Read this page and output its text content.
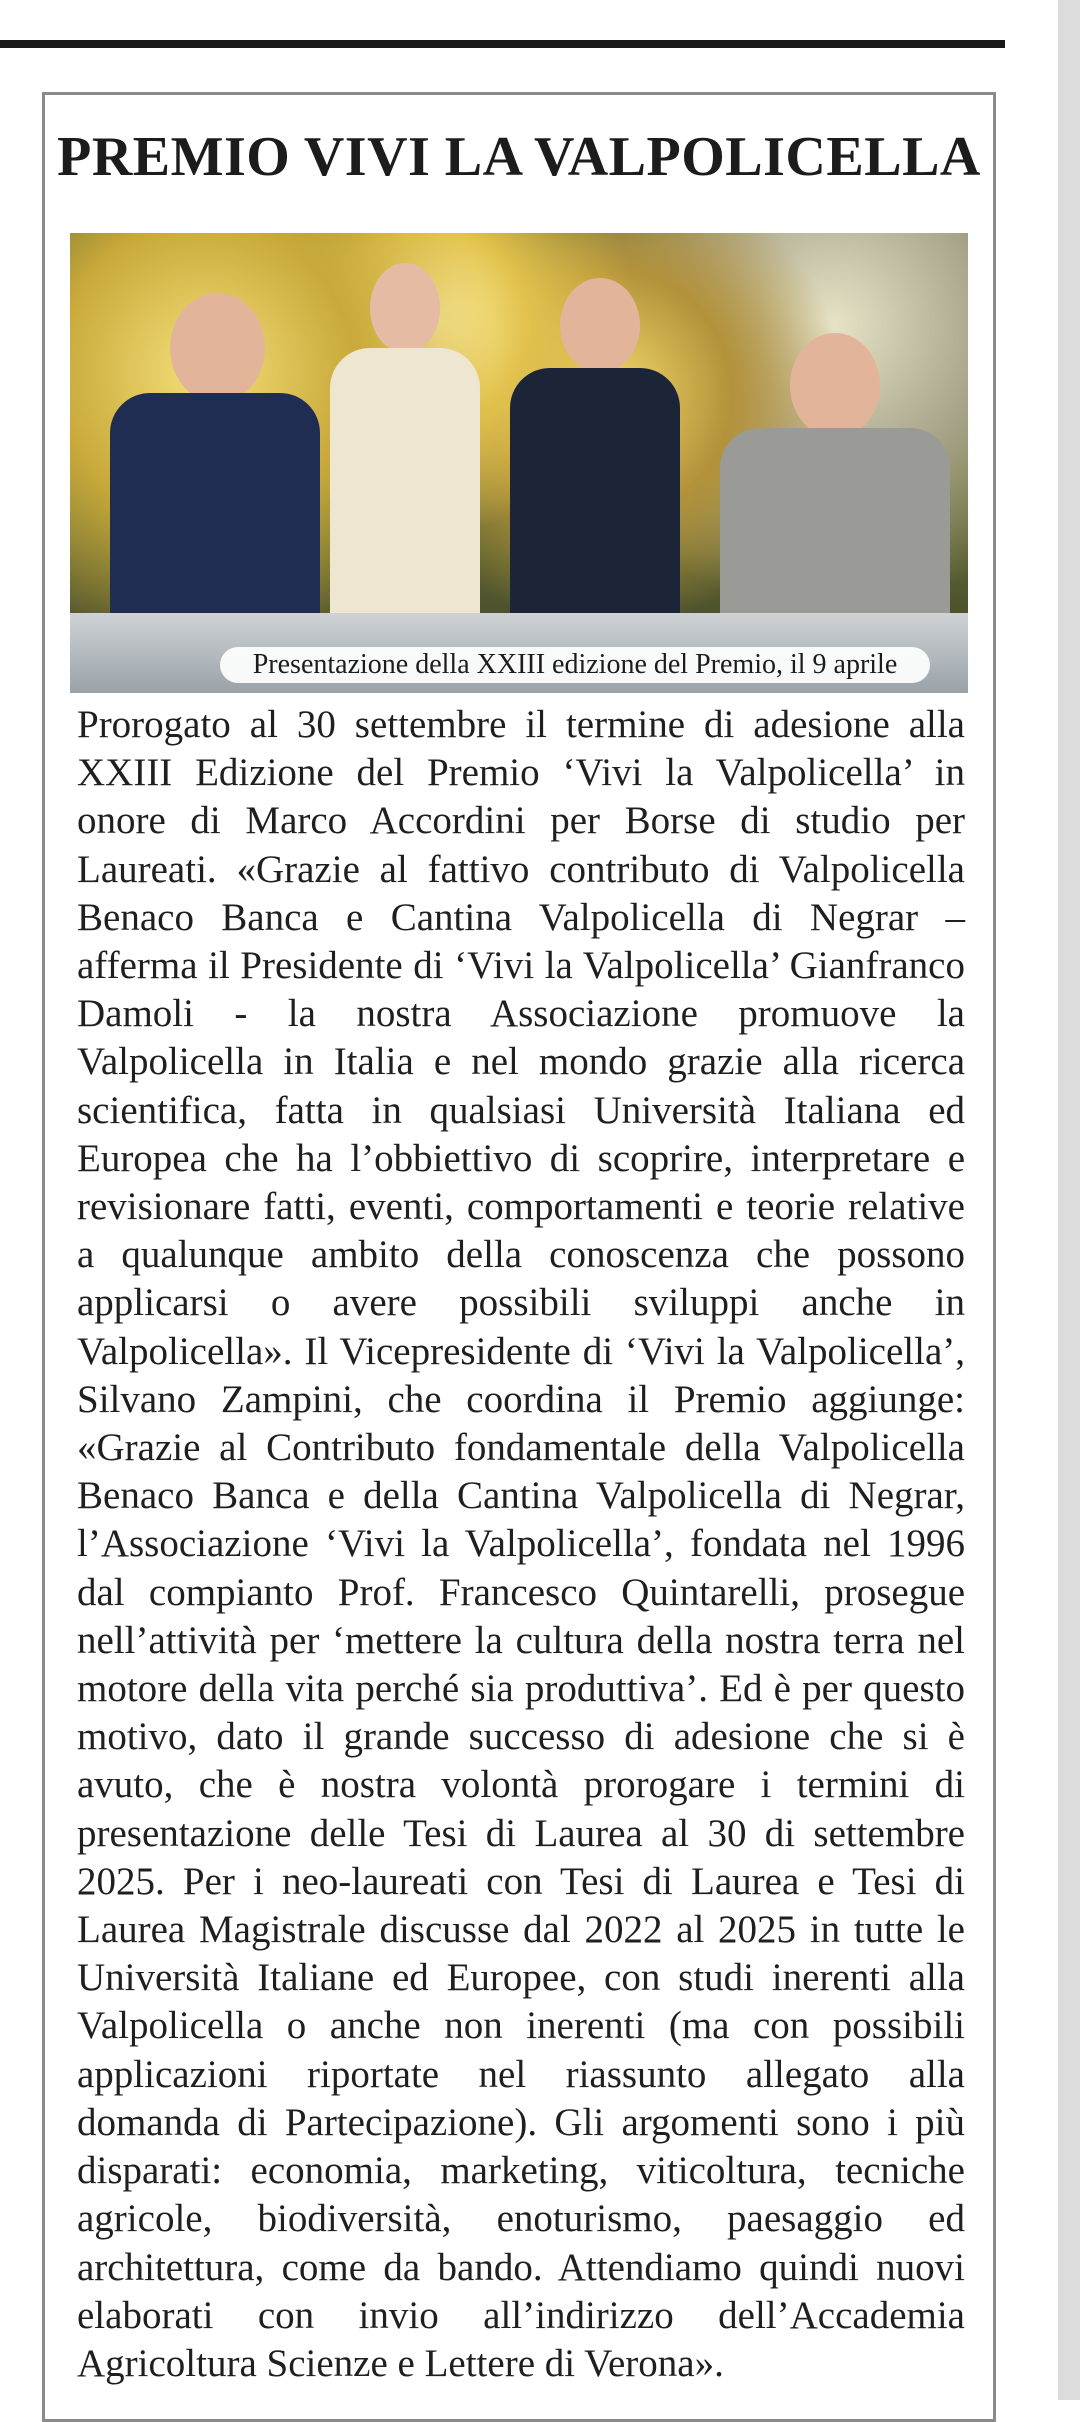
PREMIO VIVI LA VALPOLICELLA
Presentazione della XXIII edizione del Premio, il 9 aprile

Prorogato al 30 settembre il termine di adesione alla XXIII Edizione del Premio ‘Vivi la Valpolicella’ in onore di Marco Accordini per Borse di studio per Laureati. «Grazie al fattivo contributo di Valpolicella Benaco Banca e Cantina Valpolicella di Negrar – afferma il Presidente di ‘Vivi la Valpolicella’ Gianfranco Damoli - la nostra Associazione promuove la Valpolicella in Italia e nel mondo grazie alla ricerca scientifica, fatta in qualsiasi Università Italiana ed Europea che ha l’obbiettivo di scoprire, interpretare e revisionare fatti, eventi, comportamenti e teorie relative a qualunque ambito della conoscenza che possono applicarsi o avere possibili sviluppi anche in Valpolicella». Il Vicepresidente di ‘Vivi la Valpolicella’, Silvano Zampini, che coordina il Premio aggiunge: «Grazie al Contributo fondamentale della Valpolicella Benaco Banca e della Cantina Valpolicella di Negrar, l’Associazione ‘Vivi la Valpolicella’, fondata nel 1996 dal compianto Prof. Francesco Quintarelli, prosegue nell’attività per ‘mettere la cultura della nostra terra nel motore della vita perché sia produttiva’. Ed è per questo motivo, dato il grande successo di adesione che si è avuto, che è nostra volontà prorogare i termini di presentazione delle Tesi di Laurea al 30 di settembre 2025. Per i neo-laureati con Tesi di Laurea e Tesi di Laurea Magistrale discusse dal 2022 al 2025 in tutte le Università Italiane ed Europee, con studi inerenti alla Valpolicella o anche non inerenti (ma con possibili applicazioni riportate nel riassunto allegato alla domanda di Partecipazione). Gli argomenti sono i più disparati: economia, marketing, viticoltura, tecniche agricole, biodiversità, enoturismo, paesaggio ed architettura, come da bando. Attendiamo quindi nuovi elaborati con invio all’indirizzo dell’Accademia Agricoltura Scienze e Lettere di Verona».
